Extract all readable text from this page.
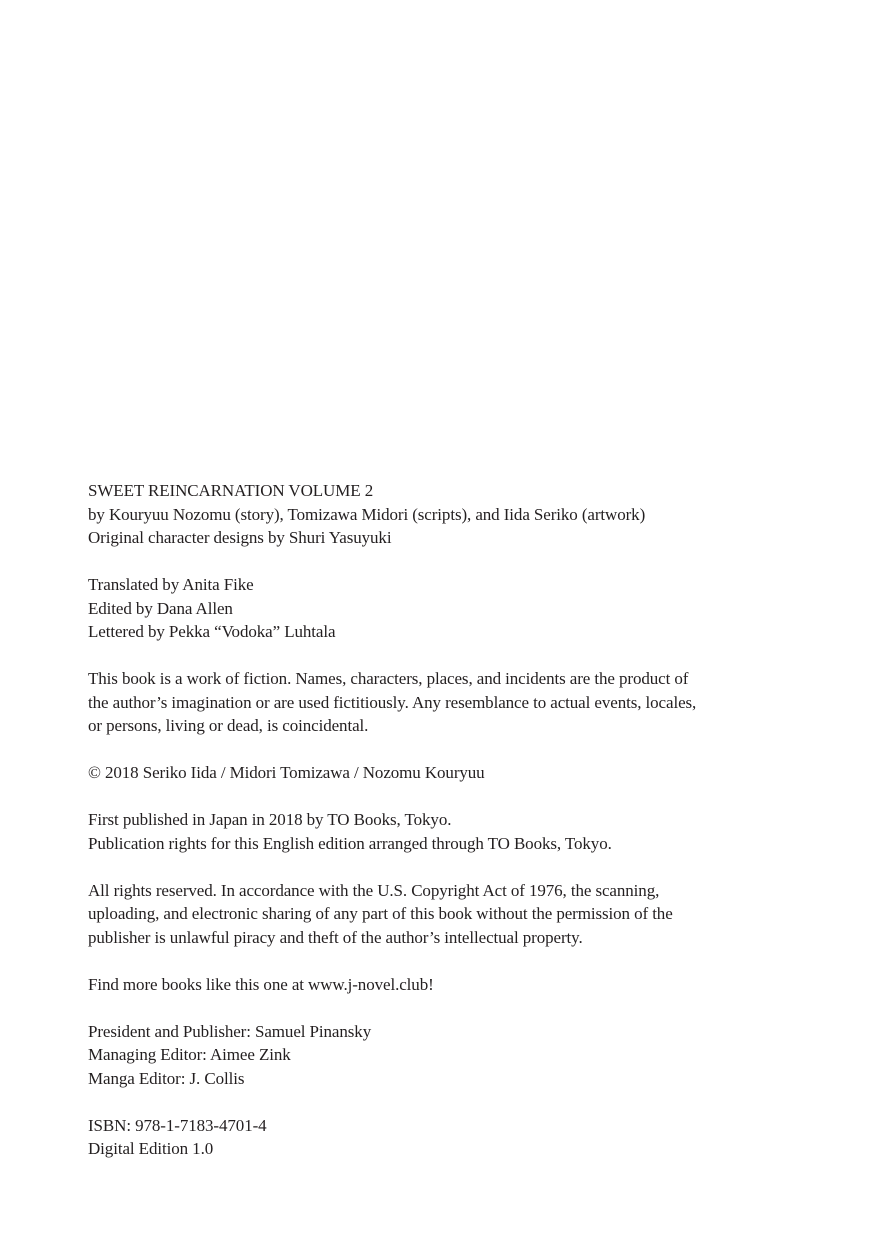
SWEET REINCARNATION VOLUME 2
by Kouryuu Nozomu (story), Tomizawa Midori (scripts), and Iida Seriko (artwork)
Original character designs by Shuri Yasuyuki
Translated by Anita Fike
Edited by Dana Allen
Lettered by Pekka “Vodoka” Luhtala
This book is a work of fiction. Names, characters, places, and incidents are the product of
the author’s imagination or are used fictitiously. Any resemblance to actual events, locales,
or persons, living or dead, is coincidental.
© 2018 Seriko Iida / Midori Tomizawa / Nozomu Kouryuu
First published in Japan in 2018 by TO Books, Tokyo.
Publication rights for this English edition arranged through TO Books, Tokyo.
All rights reserved. In accordance with the U.S. Copyright Act of 1976, the scanning,
uploading, and electronic sharing of any part of this book without the permission of the
publisher is unlawful piracy and theft of the author’s intellectual property.
Find more books like this one at www.j-novel.club!
President and Publisher: Samuel Pinansky
Managing Editor: Aimee Zink
Manga Editor: J. Collis
ISBN: 978-1-7183-4701-4
Digital Edition 1.0
